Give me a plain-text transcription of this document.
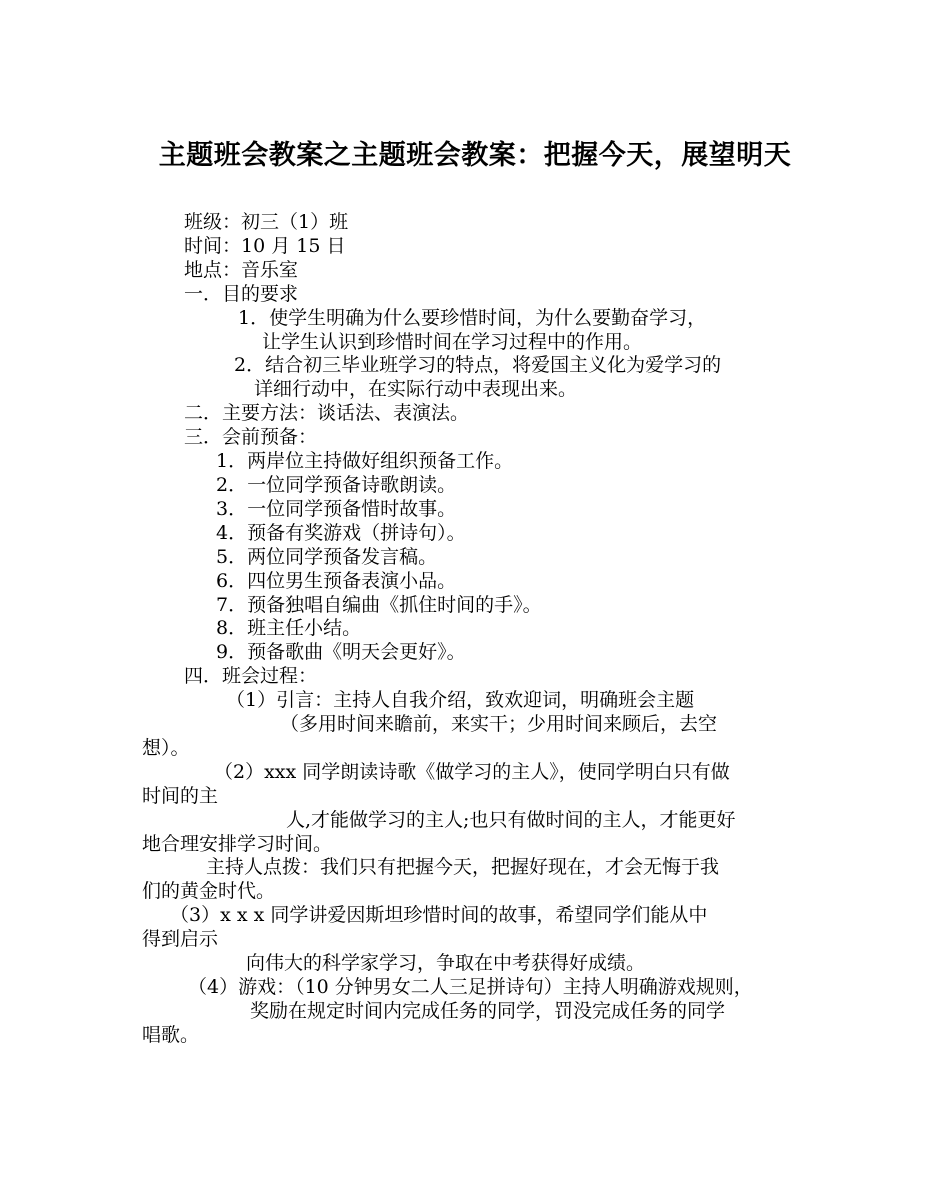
主题班会教案之主题班会教案：把握今天，展望明天
班级：初三（1）班
时间：10 月 15 日
地点：音乐室
一．目的要求
1．使学生明确为什么要珍惜时间，为什么要勤奋学习，
让学生认识到珍惜时间在学习过程中的作用。
2．结合初三毕业班学习的特点，将爱国主义化为爱学习的
详细行动中，在实际行动中表现出来。
二．主要方法：谈话法、表演法。
三．会前预备：
1．两岸位主持做好组织预备工作。
2．一位同学预备诗歌朗读。
3．一位同学预备惜时故事。
4．预备有奖游戏（拼诗句）。
5．两位同学预备发言稿。
6．四位男生预备表演小品。
7．预备独唱自编曲《抓住时间的手》。
8．班主任小结。
9．预备歌曲《明天会更好》。
四．班会过程：
（1）引言：主持人自我介绍，致欢迎词，明确班会主题
（多用时间来瞻前，来实干；少用时间来顾后，去空
想）。
（2）xxx 同学朗读诗歌《做学习的主人》，使同学明白只有做
时间的主
人,才能做学习的主人;也只有做时间的主人，才能更好
地合理安排学习时间。
主持人点拨：我们只有把握今天，把握好现在，才会无悔于我
们的黄金时代。
（3）x x x 同学讲爱因斯坦珍惜时间的故事，希望同学们能从中
得到启示
向伟大的科学家学习，争取在中考获得好成绩。
（4）游戏：（10 分钟男女二人三足拼诗句）主持人明确游戏规则，
奖励在规定时间内完成任务的同学，罚没完成任务的同学
唱歌。
